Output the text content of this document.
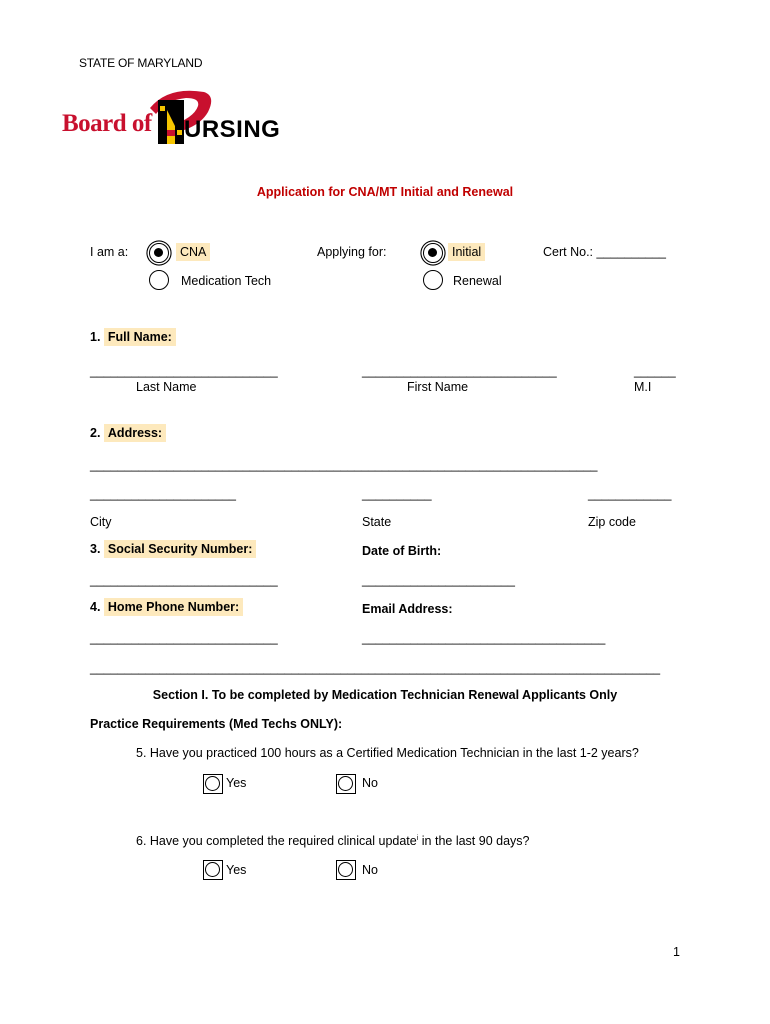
STATE OF MARYLAND
Board of URSING
Application for CNA/MT Initial and Renewal
I am a:	CNA
Medication Tech
Applying for:	Initial
Renewal
Cert No.: __________
1. Full Name:
___________________________	____________________________	______
Last Name	First Name	M.I
2. Address:
_________________________________________________________________________
_____________________	__________	____________
City	State	Zip code
3. Social Security Number:	Date of Birth:
___________________________	______________________
4. Home Phone Number:	Email Address:
___________________________	___________________________________
__________________________________________________________________________________
Section I. To be completed by Medication Technician Renewal Applicants Only
Practice Requirements (Med Techs ONLY):
5. Have you practiced 100 hours as a Certified Medication Technician in the last 1-2 years?
Yes	No
6. Have you completed the required clinical update$^i$ in the last 90 days?
Yes	No
1
